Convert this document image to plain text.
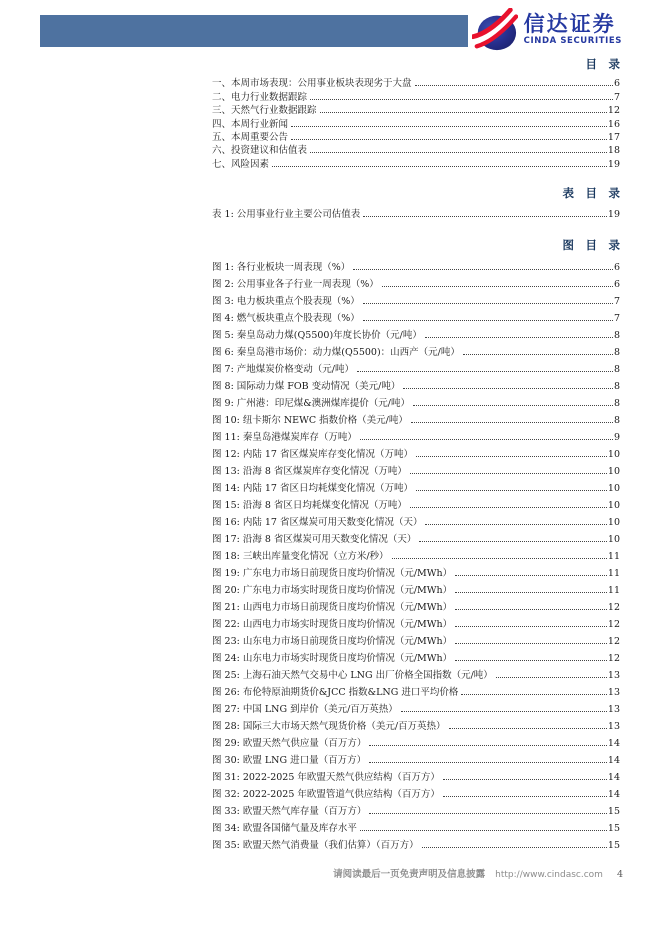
信达证券
CINDA SECURITIES
目　录
一、本周市场表现：公用事业板块表现劣于大盘	6
二、电力行业数据跟踪	7
三、天然气行业数据跟踪	12
四、本周行业新闻	16
五、本周重要公告	17
六、投资建议和估值表	18
七、风险因素	19
表　目　录
表 1: 公用事业行业主要公司估值表	19
图　目　录
图 1: 各行业板块一周表现（%）	6
图 2: 公用事业各子行业一周表现（%）	6
图 3: 电力板块重点个股表现（%）	7
图 4: 燃气板块重点个股表现（%）	7
图 5: 秦皇岛动力煤(Q5500)年度长协价（元/吨）	8
图 6: 秦皇岛港市场价：动力煤(Q5500)：山西产（元/吨）	8
图 7: 产地煤炭价格变动（元/吨）	8
图 8: 国际动力煤 FOB 变动情况（美元/吨）	8
图 9: 广州港：印尼煤&澳洲煤库提价（元/吨）	8
图 10: 纽卡斯尔 NEWC 指数价格（美元/吨）	8
图 11: 秦皇岛港煤炭库存（万吨）	9
图 12: 内陆 17 省区煤炭库存变化情况（万吨）	10
图 13: 沿海 8 省区煤炭库存变化情况（万吨）	10
图 14: 内陆 17 省区日均耗煤变化情况（万吨）	10
图 15: 沿海 8 省区日均耗煤变化情况（万吨）	10
图 16: 内陆 17 省区煤炭可用天数变化情况（天）	10
图 17: 沿海 8 省区煤炭可用天数变化情况（天）	10
图 18: 三峡出库量变化情况（立方米/秒）	11
图 19: 广东电力市场日前现货日度均价情况（元/MWh）	11
图 20: 广东电力市场实时现货日度均价情况（元/MWh）	11
图 21: 山西电力市场日前现货日度均价情况（元/MWh）	12
图 22: 山西电力市场实时现货日度均价情况（元/MWh）	12
图 23: 山东电力市场日前现货日度均价情况（元/MWh）	12
图 24: 山东电力市场实时现货日度均价情况（元/MWh）	12
图 25: 上海石油天然气交易中心 LNG 出厂价格全国指数（元/吨）	13
图 26: 布伦特原油期货价&JCC 指数&LNG 进口平均价格	13
图 27: 中国 LNG 到岸价（美元/百万英热）	13
图 28: 国际三大市场天然气现货价格（美元/百万英热）	13
图 29: 欧盟天然气供应量（百万方）	14
图 30: 欧盟 LNG 进口量（百万方）	14
图 31: 2022-2025 年欧盟天然气供应结构（百万方）	14
图 32: 2022-2025 年欧盟管道气供应结构（百万方）	14
图 33: 欧盟天然气库存量（百万方）	15
图 34: 欧盟各国储气量及库存水平	15
图 35: 欧盟天然气消费量（我们估算）（百万方）	15
请阅读最后一页免责声明及信息披露 http://www.cindasc.com 4
